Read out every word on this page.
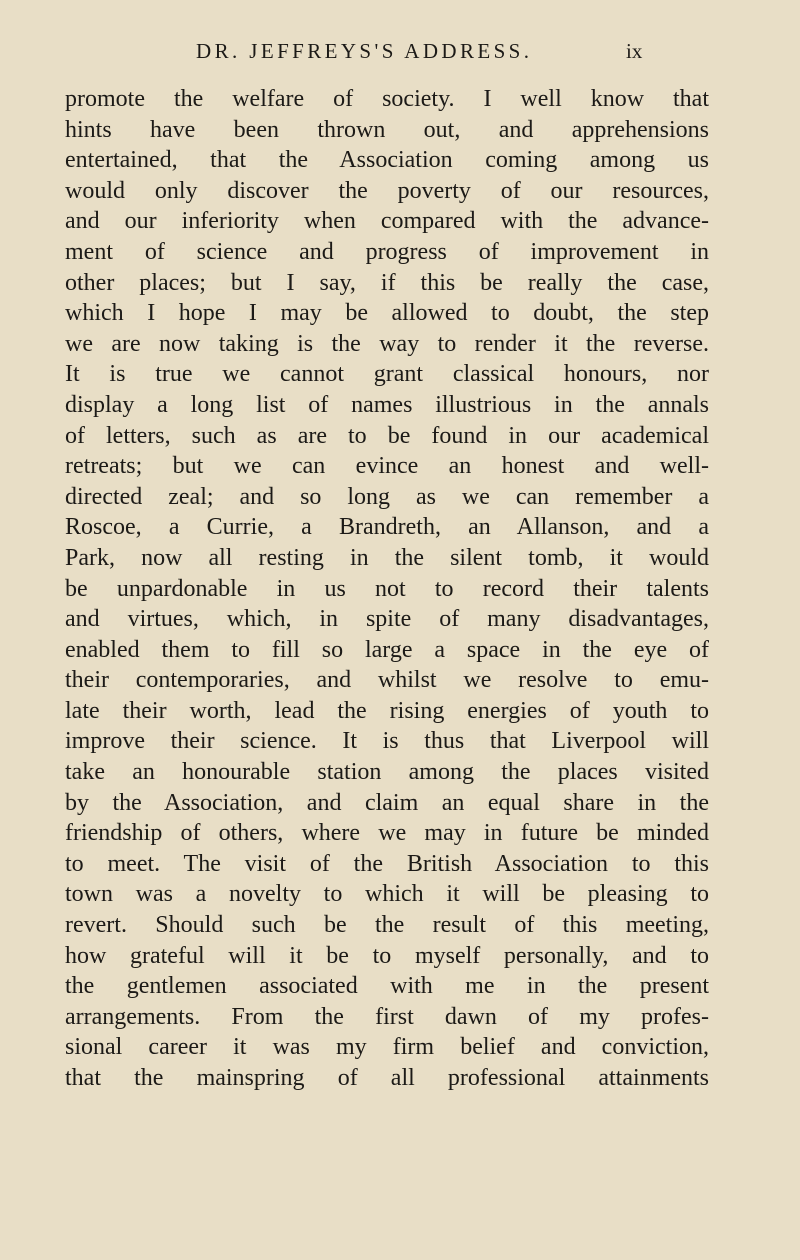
DR. JEFFREYS'S ADDRESS.	ix
promote the welfare of society. I well know that
hints have been thrown out, and apprehensions
entertained, that the Association coming among us
would only discover the poverty of our resources,
and our inferiority when compared with the advance-
ment of science and progress of improvement in
other places; but I say, if this be really the case,
which I hope I may be allowed to doubt, the step
we are now taking is the way to render it the reverse.
It is true we cannot grant classical honours, nor
display a long list of names illustrious in the annals
of letters, such as are to be found in our academical
retreats; but we can evince an honest and well-
directed zeal; and so long as we can remember a
Roscoe, a Currie, a Brandreth, an Allanson, and a
Park, now all resting in the silent tomb, it would
be unpardonable in us not to record their talents
and virtues, which, in spite of many disadvantages,
enabled them to fill so large a space in the eye of
their contemporaries, and whilst we resolve to emu-
late their worth, lead the rising energies of youth to
improve their science. It is thus that Liverpool will
take an honourable station among the places visited
by the Association, and claim an equal share in the
friendship of others, where we may in future be minded
to meet. The visit of the British Association to this
town was a novelty to which it will be pleasing to
revert. Should such be the result of this meeting,
how grateful will it be to myself personally, and to
the gentlemen associated with me in the present
arrangements. From the first dawn of my profes-
sional career it was my firm belief and conviction,
that the mainspring of all professional attainments
